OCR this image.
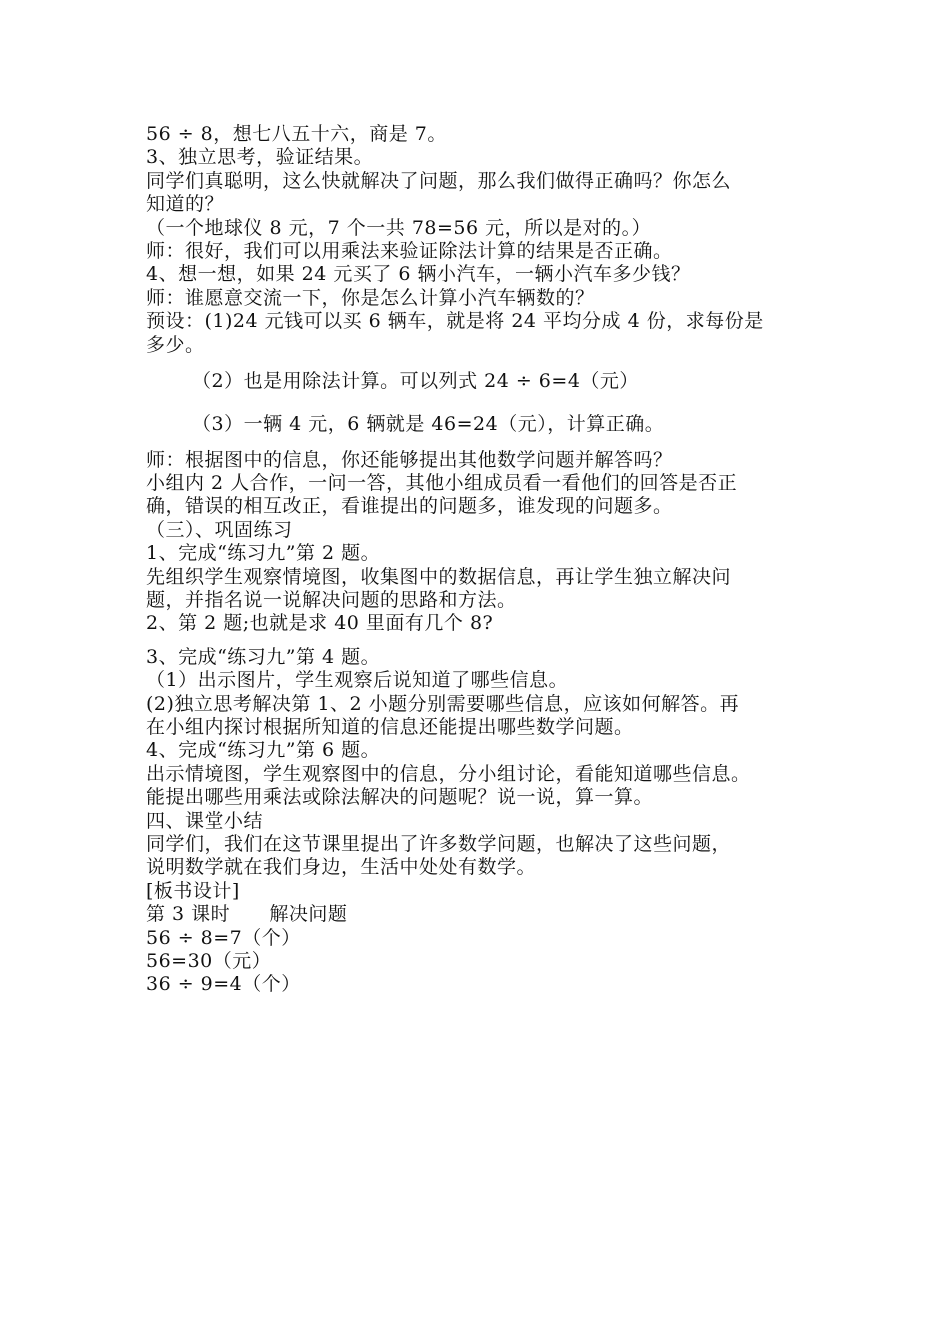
56 ÷ 8，想七八五十六，商是 7。
3、独立思考，验证结果。
同学们真聪明，这么快就解决了问题，那么我们做得正确吗？你怎么
知道的？
（一个地球仪 8 元，7 个一共 78=56 元，所以是对的。）
师：很好，我们可以用乘法来验证除法计算的结果是否正确。
4、想一想，如果 24 元买了 6 辆小汽车，一辆小汽车多少钱？
师：谁愿意交流一下，你是怎么计算小汽车辆数的？
预设：(1)24 元钱可以买 6 辆车，就是将 24 平均分成 4 份，求每份是
多少。
（2）也是用除法计算。可以列式 24 ÷ 6=4（元）
（3）一辆 4 元，6 辆就是 46=24（元），计算正确。
师：根据图中的信息，你还能够提出其他数学问题并解答吗？
小组内 2 人合作，一问一答，其他小组成员看一看他们的回答是否正
确，错误的相互改正，看谁提出的问题多，谁发现的问题多。
（三）、巩固练习
1、完成“练习九”第 2 题。
先组织学生观察情境图，收集图中的数据信息，再让学生独立解决问
题，并指名说一说解决问题的思路和方法。
2、第 2 题;也就是求 40 里面有几个 8?
3、完成“练习九”第 4 题。
（1）出示图片，学生观察后说知道了哪些信息。
(2)独立思考解决第 1、2 小题分别需要哪些信息，应该如何解答。再
在小组内探讨根据所知道的信息还能提出哪些数学问题。
4、完成“练习九”第 6 题。
出示情境图，学生观察图中的信息，分小组讨论，看能知道哪些信息。
能提出哪些用乘法或除法解决的问题呢？说一说，算一算。
四、课堂小结
同学们，我们在这节课里提出了许多数学问题，也解决了这些问题，
说明数学就在我们身边，生活中处处有数学。
[板书设计]
第 3 课时      解决问题
56 ÷ 8=7（个）
56=30（元）
36 ÷ 9=4（个）
